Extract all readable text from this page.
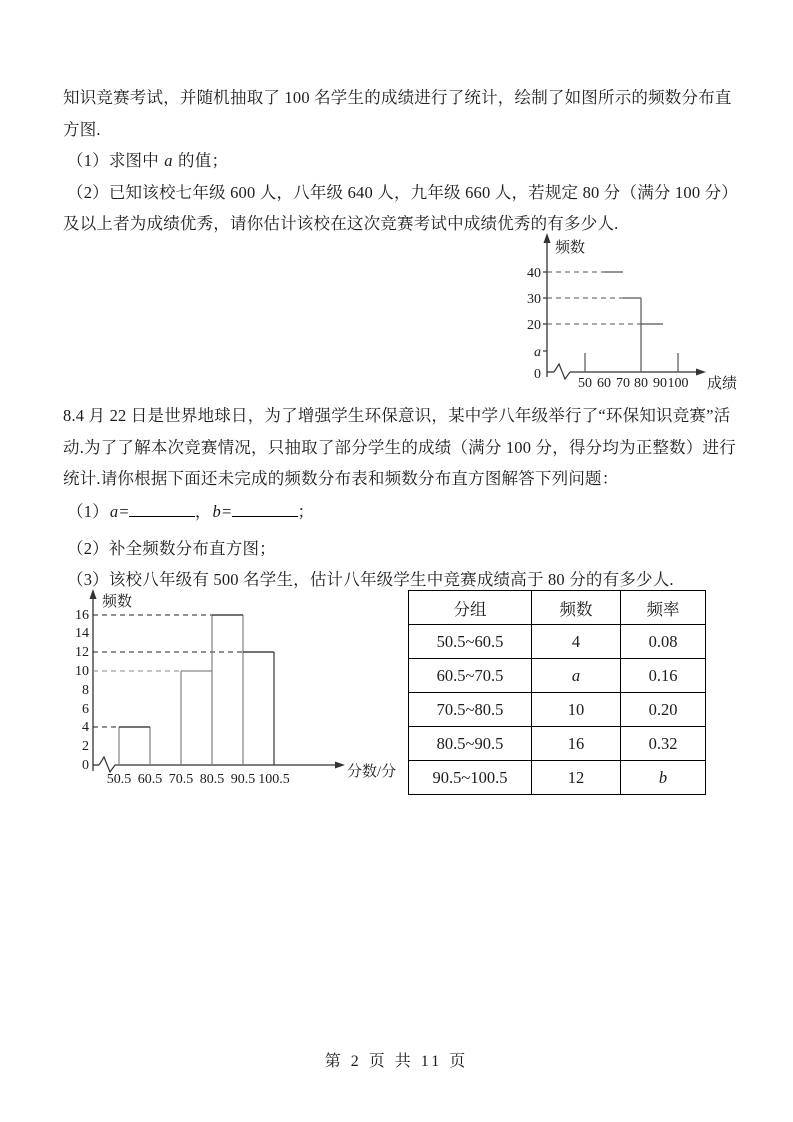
知识竞赛考试，并随机抽取了 100 名学生的成绩进行了统计，绘制了如图所示的频数分布直
方图.
（1）求图中 a 的值；
（2）已知该校七年级 600 人，八年级 640 人，九年级 660 人，若规定 80 分（满分 100 分）
及以上者为成绩优秀，请你估计该校在这次竞赛考试中成绩优秀的有多少人.
频数
40
30
20
a
0
成绩
50 60 70 80 90 100
8.4 月 22 日是世界地球日，为了增强学生环保意识，某中学八年级举行了“环保知识竞赛”活
动.为了了解本次竞赛情况，只抽取了部分学生的成绩（满分 100 分，得分均为正整数）进行
统计.请你根据下面还未完成的频数分布表和频数分布直方图解答下列问题：
（1）a=	，b=	；
（2）补全频数分布直方图；
（3）该校八年级有 500 名学生，估计八年级学生中竞赛成绩高于 80 分的有多少人.
频数
16
14
12
10
8
6
4
2
0	分数/分
50.5 60.5 70.5 80.5 90.5 100.5
分组	频数	频率
50.5~60.5	4	0.08
60.5~70.5	a	0.16
70.5~80.5	10	0.20
80.5~90.5	16	0.32
90.5~100.5	12	b
第 2 页 共 11 页
